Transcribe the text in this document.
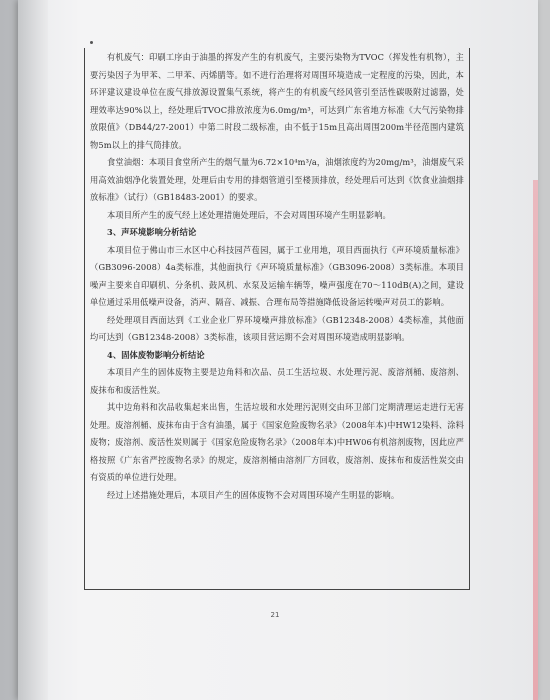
有机废气：印刷工序由于油墨的挥发产生的有机废气，主要污染物为TVOC（挥发性有机物），主要污染因子为甲苯、二甲苯、丙烯腈等。如不进行治理将对周围环境造成一定程度的污染，因此，本环评建议建设单位在废气排放源设置集气系统，将产生的有机废气经风管引至活性碳吸附过滤器，处理效率达90%以上，经处理后TVOC排放浓度为6.0mg/m³，可达到广东省地方标准《大气污染物排放限值》（DB44/27-2001）中第二时段二级标准，由不低于15m且高出周围200m半径范围内建筑物5m以上的排气筒排放。

食堂油烟：本项目食堂所产生的烟气量为6.72×10⁴m³/a，油烟浓度约为20mg/m³，油烟废气采用高效油烟净化装置处理，处理后由专用的排烟管道引至楼顶排放，经处理后可达到《饮食业油烟排放标准》（试行）（GB18483-2001）的要求。

本项目所产生的废气经上述处理措施处理后，不会对周围环境产生明显影响。

3、声环境影响分析结论

本项目位于佛山市三水区中心科技园芦苞园，属于工业用地，项目西面执行《声环境质量标准》（GB3096-2008）4a类标准，其他面执行《声环境质量标准》（GB3096-2008）3类标准。本项目噪声主要来自印刷机、分条机、鼓风机、水泵及运输车辆等，噪声强度在70～110dB(A)之间，建设单位通过采用低噪声设备，消声、隔音、减振、合理布局等措施降低设备运转噪声对员工的影响。

经处理项目西面达到《工业企业厂界环境噪声排放标准》（GB12348-2008）4类标准，其他面均可达到（GB12348-2008）3类标准，该项目营运期不会对周围环境造成明显影响。

4、固体废物影响分析结论

本项目产生的固体废物主要是边角料和次品、员工生活垃圾、水处理污泥、废溶剂桶、废溶剂、废抹布和废活性炭。

其中边角料和次品收集起来出售，生活垃圾和水处理污泥则交由环卫部门定期清理运走进行无害处理。废溶剂桶、废抹布由于含有油墨，属于《国家危险废物名录》（2008年本)中HW12染料、涂料废物；废溶剂、废活性炭则属于《国家危险废物名录》（2008年本)中HW06有机溶剂废物，因此应严格按照《广东省严控废物名录》的规定，废溶剂桶由溶剂厂方回收，废溶剂、废抹布和废活性炭交由有资质的单位进行处理。

经过上述措施处理后，本项目产生的固体废物不会对周围环境产生明显的影响。

21
